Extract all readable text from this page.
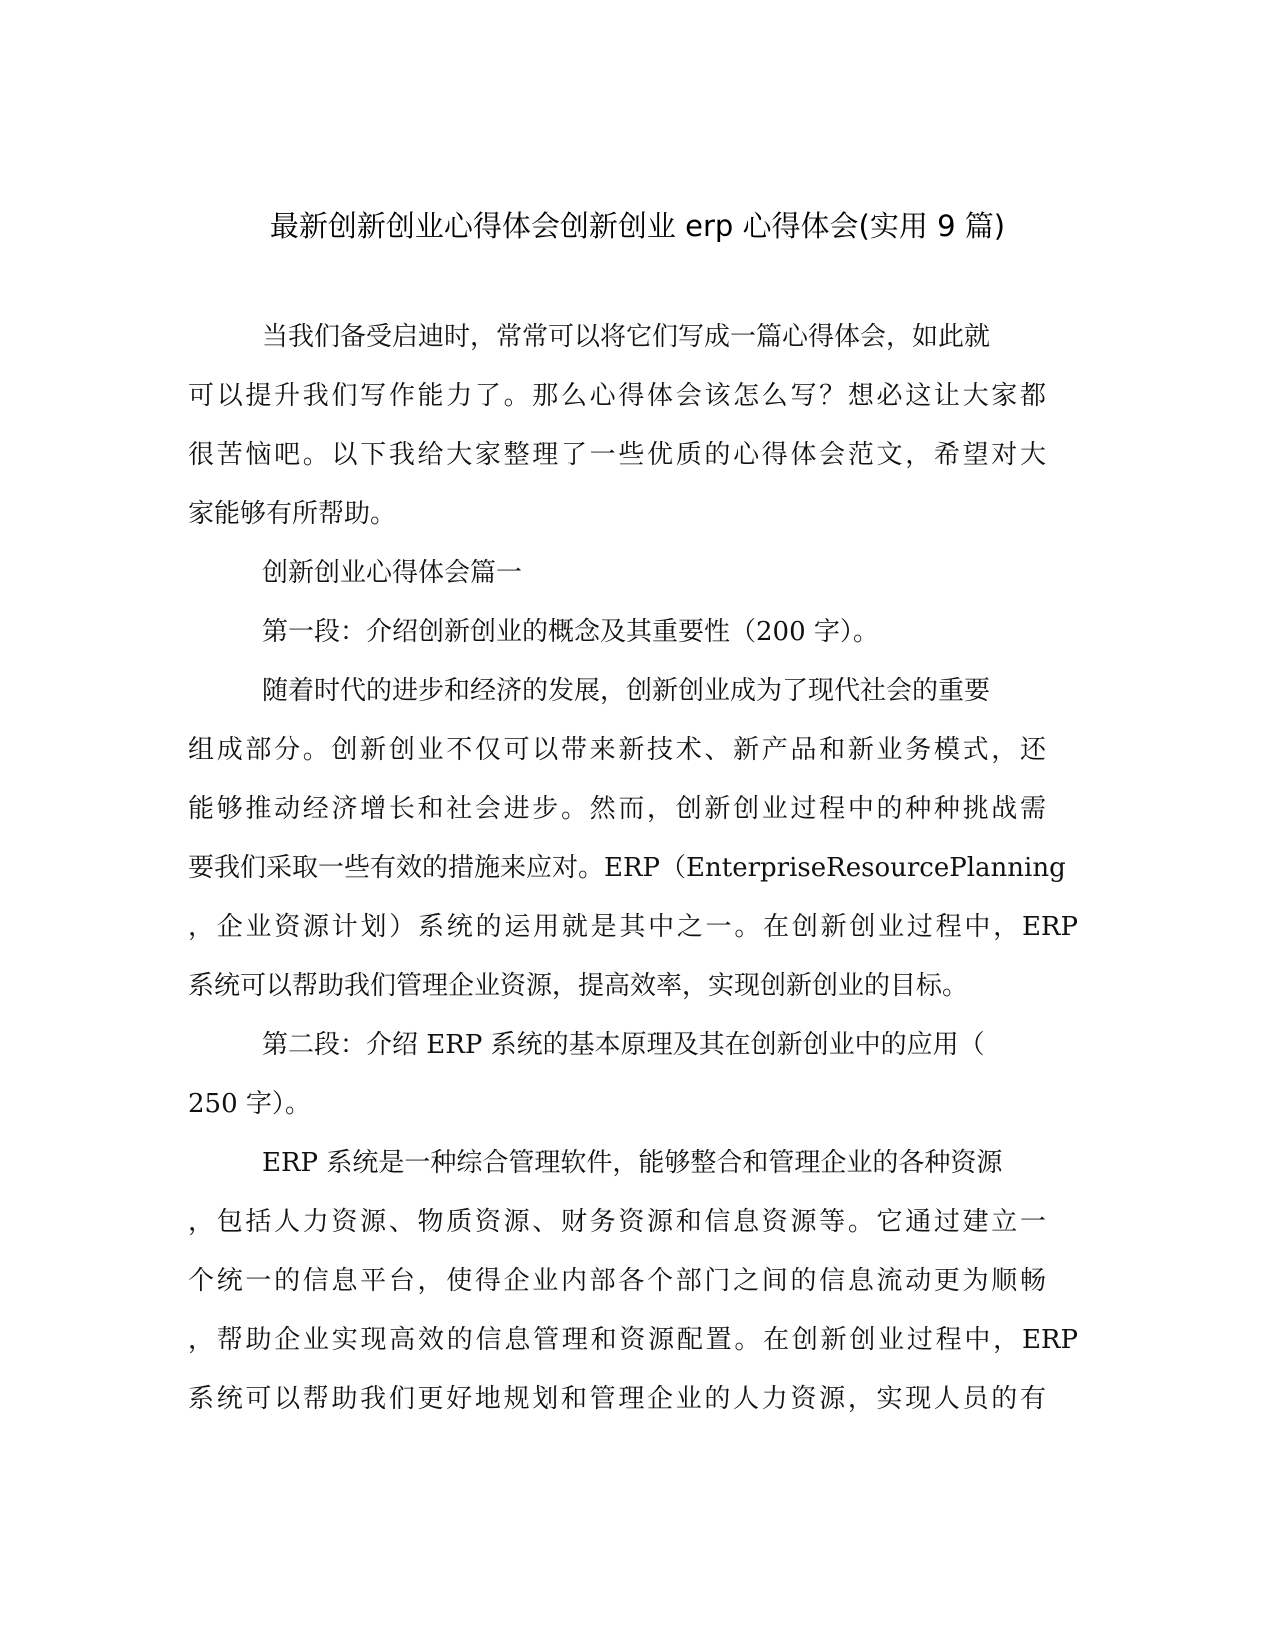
最新创新创业心得体会创新创业 erp 心得体会(实用 9 篇)

当我们备受启迪时，常常可以将它们写成一篇心得体会，如此就

可以提升我们写作能力了。那么心得体会该怎么写？想必这让大家都

很苦恼吧。以下我给大家整理了一些优质的心得体会范文，希望对大

家能够有所帮助。

创新创业心得体会篇一

第一段：介绍创新创业的概念及其重要性（200 字）。

随着时代的进步和经济的发展，创新创业成为了现代社会的重要

组成部分。创新创业不仅可以带来新技术、新产品和新业务模式，还

能够推动经济增长和社会进步。然而，创新创业过程中的种种挑战需

要我们采取一些有效的措施来应对。ERP（EnterpriseResourcePlanning

，企业资源计划）系统的运用就是其中之一。在创新创业过程中，ERP

系统可以帮助我们管理企业资源，提高效率，实现创新创业的目标。

第二段：介绍 ERP 系统的基本原理及其在创新创业中的应用（

250 字）。

ERP 系统是一种综合管理软件，能够整合和管理企业的各种资源

，包括人力资源、物质资源、财务资源和信息资源等。它通过建立一

个统一的信息平台，使得企业内部各个部门之间的信息流动更为顺畅

，帮助企业实现高效的信息管理和资源配置。在创新创业过程中，ERP

系统可以帮助我们更好地规划和管理企业的人力资源，实现人员的有
